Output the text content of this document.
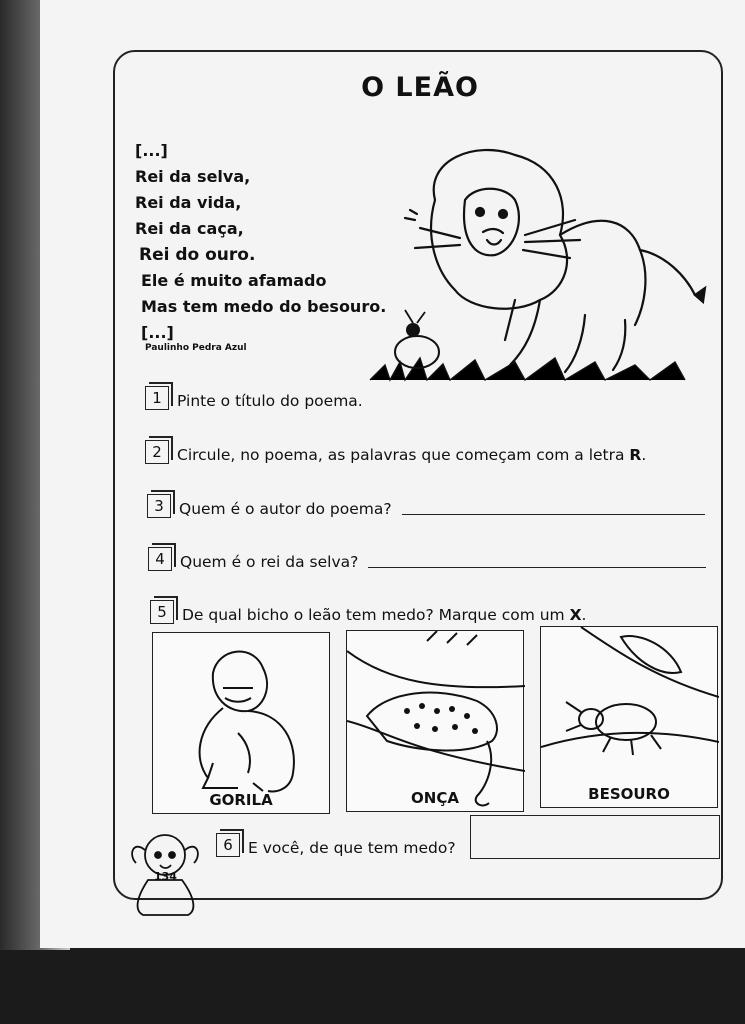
O LEÃO
[...]
Rei da selva,
Rei da vida,
Rei da caça,
Rei do ouro.
Ele é muito afamado
Mas tem medo do besouro.
[...]
Paulinho Pedra Azul
1 Pinte o título do poema.
2 Circule, no poema, as palavras que começam com a letra R .
3 Quem é o autor do poema?
4 Quem é o rei da selva?
5 De qual bicho o leão tem medo? Marque com um X .
GORILA	ONÇA	BESOURO
6 E você, de que tem medo?
134
